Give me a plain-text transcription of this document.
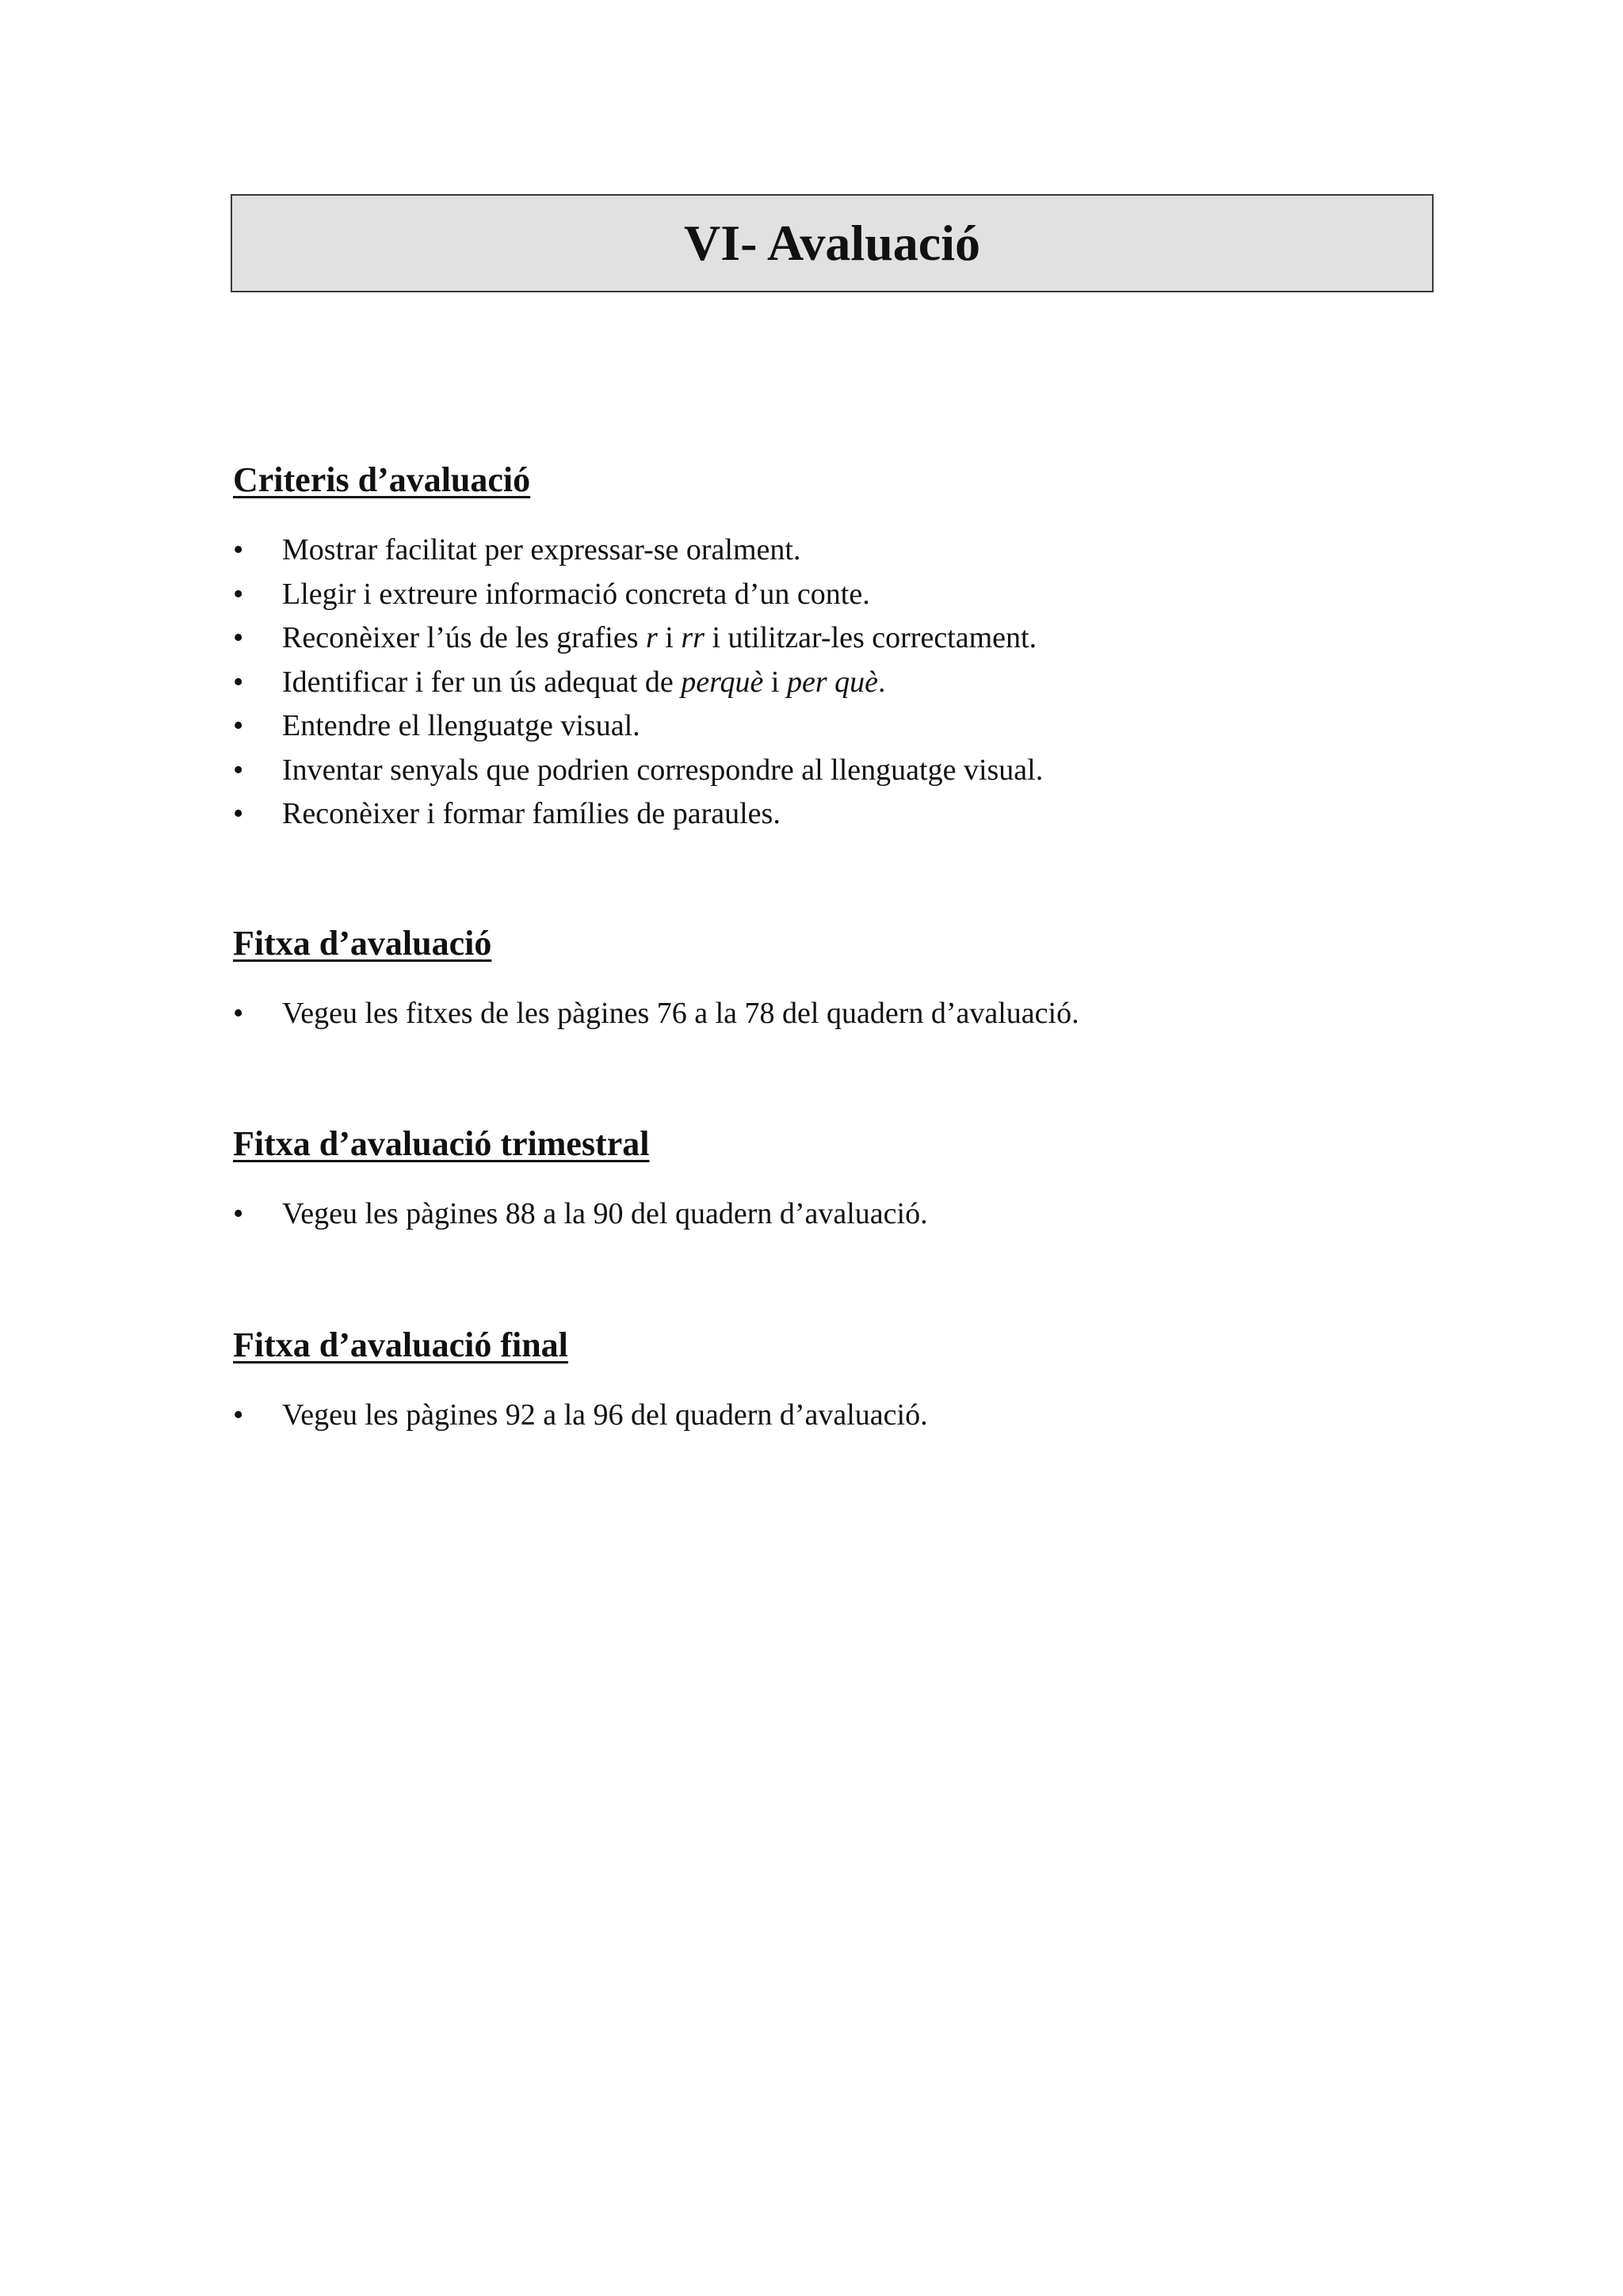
VI- Avaluació
Criteris d’avaluació
• Mostrar facilitat per expressar-se oralment.
• Llegir i extreure informació concreta d’un conte.
• Reconèixer l’ús de les grafies r i rr i utilitzar-les correctament.
• Identificar i fer un ús adequat de perquè i per què.
• Entendre el llenguatge visual.
• Inventar senyals que podrien correspondre al llenguatge visual.
• Reconèixer i formar famílies de paraules.
Fitxa d’avaluació
• Vegeu les fitxes de les pàgines 76 a la 78 del quadern d’avaluació.
Fitxa d’avaluació trimestral
• Vegeu les pàgines 88 a la 90 del quadern d’avaluació.
Fitxa d’avaluació final
• Vegeu les pàgines 92 a la 96 del quadern d’avaluació.
